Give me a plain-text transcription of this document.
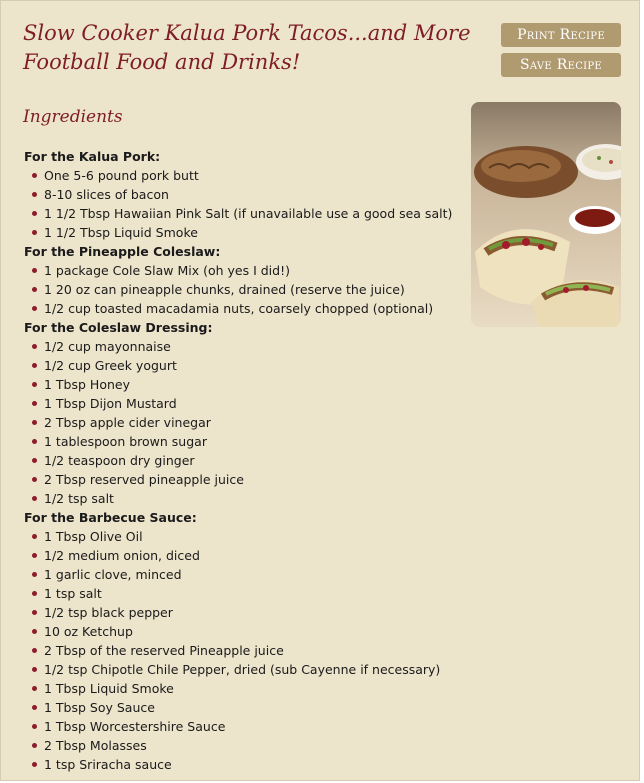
Slow Cooker Kalua Pork Tacos...and More Football Food and Drinks!
Print Recipe
Save Recipe
Ingredients
For the Kalua Pork:
One 5-6 pound pork butt
8-10 slices of bacon
1 1/2 Tbsp Hawaiian Pink Salt (if unavailable use a good sea salt)
1 1/2 Tbsp Liquid Smoke
For the Pineapple Coleslaw:
1 package Cole Slaw Mix (oh yes I did!)
1 20 oz can pineapple chunks, drained (reserve the juice)
1/2 cup toasted macadamia nuts, coarsely chopped (optional)
For the Coleslaw Dressing:
1/2 cup mayonnaise
1/2 cup Greek yogurt
1 Tbsp Honey
1 Tbsp Dijon Mustard
2 Tbsp apple cider vinegar
1 tablespoon brown sugar
1/2 teaspoon dry ginger
2 Tbsp reserved pineapple juice
1/2 tsp salt
For the Barbecue Sauce:
1 Tbsp Olive Oil
1/2 medium onion, diced
1 garlic clove, minced
1 tsp salt
1/2 tsp black pepper
10 oz Ketchup
2 Tbsp of the reserved Pineapple juice
1/2 tsp Chipotle Chile Pepper, dried (sub Cayenne if necessary)
1 Tbsp Liquid Smoke
1 Tbsp Soy Sauce
1 Tbsp Worcestershire Sauce
2 Tbsp Molasses
1 tsp Sriracha sauce
